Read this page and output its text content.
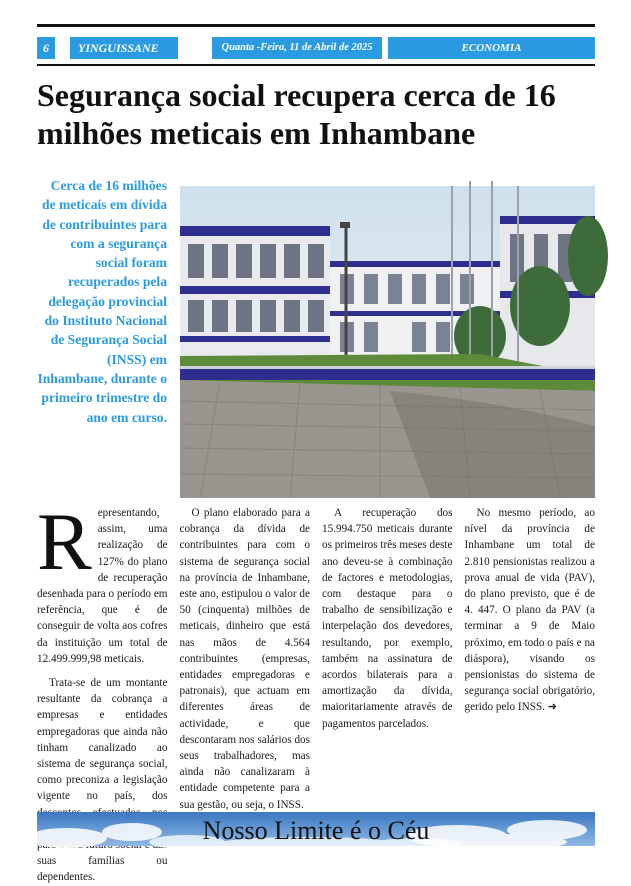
6	YINGUISSANE	Quanta -Feira, 11 de Abril de 2025	ECONOMIA
Segurança social recupera cerca de 16 milhões meticais em Inhambane

Cerca de 16 milhões de meticais em dívida de contribuintes para com a segurança social foram recuperados pela delegação provincial do Instituto Nacional de Segurança Social (INSS) em Inhambane, durante o primeiro trimestre do ano em curso.

Representando, assim, uma realização de 127% do plano de recuperação desenhada para o período em referência, que é de conseguir de volta aos cofres da instituição um total de 12.499.999,98 meticais.

Trata-se de um montante resultante da cobrança a empresas e entidades empregadoras que ainda não tinham canalizado ao sistema de segurança social, como preconiza a legislação vigente no país, dos suas famílias ou dependentes.

O plano elaborado para a cobrança da dívida de contribuintes para com o sistema de segurança social na província de Inhambane, este ano, estipulou o valor de 50 (cinquenta) milhões de meticais, dinheiro que está nas mãos de 4.564 contribuintes (empresas, entidades empregadoras e patronais), que actuam em diferentes áreas de actividade, e que descontaram nos salários dos seus trabalhadores, mas ainda não canalizaram à entidade competente para a sua gestão, ou seja, o INSS.

A recuperação dos 15.994.750 meticais durante os primeiros três meses deste ano deveu-se à combinação de factores e metodologias, com destaque para o trabalho de sensibilização e interpelação dos devedores, resultando, por exemplo, também na assinatura de acordos bilaterais para a amortização da dívida, maioritariamente através de pagamentos parcelados.

No mesmo período, ao nível da província de Inhambane um total de 2.810 pensionistas realizou a prova anual de vida (PAV), do plano previsto, que é de 4. 447. O plano da PAV (a terminar a 9 de Maio próximo, em todo o país e na diáspora), visando os pensionistas do sistema de segurança social obrigatório, gerido pelo INSS. ➜

Nosso Limite é o Céu
